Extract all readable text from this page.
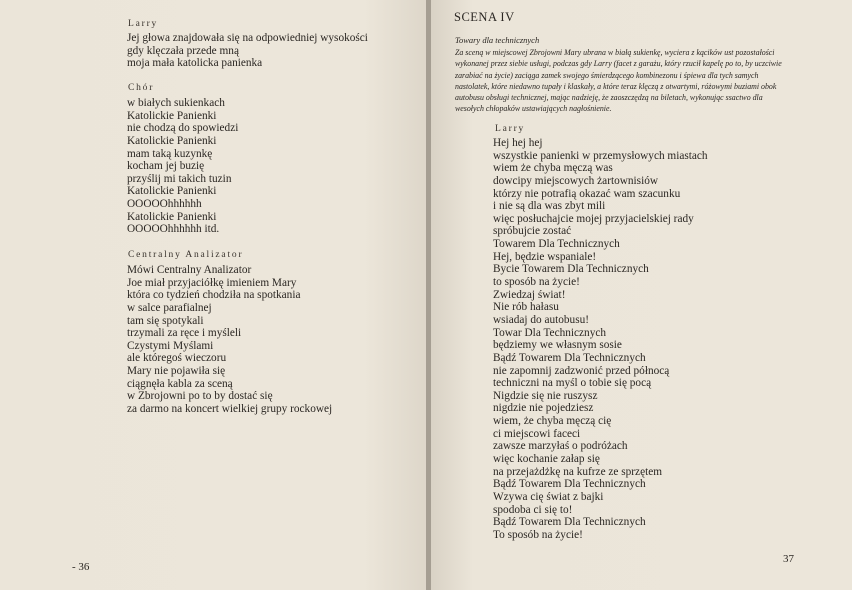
Larry
Jej głowa znajdowała się na odpowiedniej wysokości
gdy klęczała przede mną
moja mała katolicka panienka
Chór
w białych sukienkach
Katolickie Panienki
nie chodzą do spowiedzi
Katolickie Panienki
mam taką kuzynkę
kocham jej buzię
przyślij mi takich tuzin
Katolickie Panienki
OOOOOhhhhhh
Katolickie Panienki
OOOOOhhhhhh itd.
Centralny Analizator
Mówi Centralny Analizator
Joe miał przyjaciółkę imieniem Mary
która co tydzień chodziła na spotkania
w salce parafialnej
tam się spotykali
trzymali za ręce i myśleli
Czystymi Myślami
ale któregoś wieczoru
Mary nie pojawiła się
ciągnęła kabla za sceną
w Zbrojowni po to by dostać się
za darmo na koncert wielkiej grupy rockowej
- 36
SCENA IV
Towary dla technicznych
Za sceną w miejscowej Zbrojowni Mary ubrana w białą sukienkę, wyciera z kącików ust pozostałości
wykonanej przez siebie usługi, podczas gdy Larry (facet z garażu, który rzucił kapelę po to, by uczciwie
zarabiać na życie) zaciąga zamek swojego śmierdzącego kombinezonu i śpiewa dla tych samych
nastolatek, które niedawno tupały i klaskały, a które teraz klęczą z otwartymi, różowymi buziami obok
autobusu obsługi technicznej, mając nadzieję, że zaoszczędzą na biletach, wykonując ssactwo dla
wesołych chłopaków ustawiających nagłośnienie.
Larry
Hej hej hej
wszystkie panienki w przemysłowych miastach
wiem że chyba męczą was
dowcipy miejscowych żartownisiów
którzy nie potrafią okazać wam szacunku
i nie są dla was zbyt mili
więc posłuchajcie mojej przyjacielskiej rady
spróbujcie zostać
Towarem Dla Technicznych
Hej, będzie wspaniale!
Bycie Towarem Dla Technicznych
to sposób na życie!
Zwiedzaj świat!
Nie rób hałasu
wsiadaj do autobusu!
Towar Dla Technicznych
będziemy we własnym sosie
Bądź Towarem Dla Technicznych
nie zapomnij zadzwonić przed północą
techniczni na myśl o tobie się pocą
Nigdzie się nie ruszysz
nigdzie nie pojedziesz
wiem, że chyba męczą cię
ci miejscowi faceci
zawsze marzyłaś o podróżach
więc kochanie załap się
na przejażdżkę na kufrze ze sprzętem
Bądź Towarem Dla Technicznych
Wzywa cię świat z bajki
spodoba ci się to!
Bądź Towarem Dla Technicznych
To sposób na życie!
37
